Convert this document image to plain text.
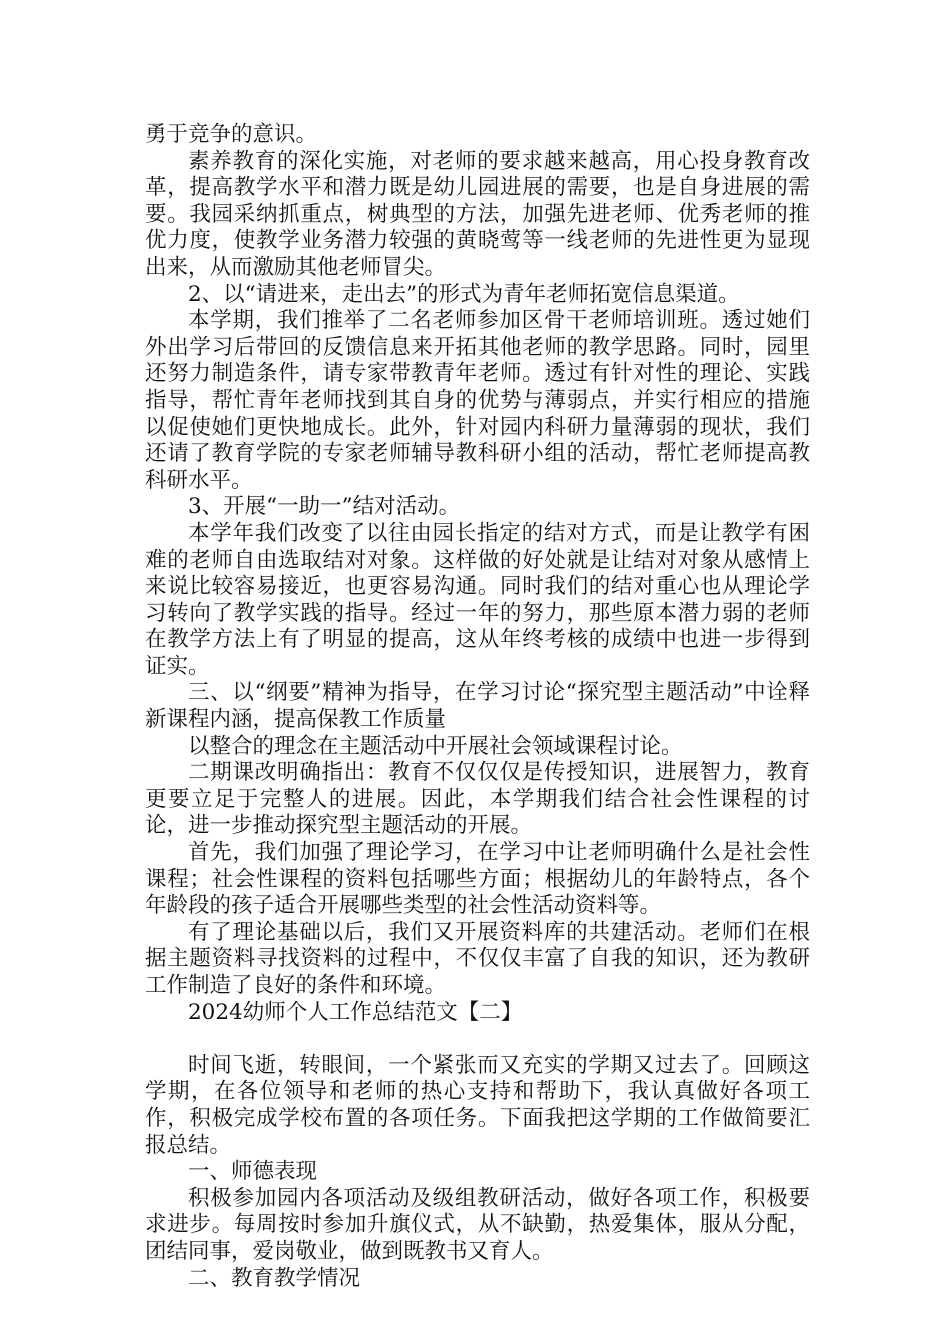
勇于竞争的意识。

素养教育的深化实施，对老师的要求越来越高，用心投身教育改革，提高教学水平和潜力既是幼儿园进展的需要，也是自身进展的需要。我园采纳抓重点，树典型的方法，加强先进老师、优秀老师的推优力度，使教学业务潜力较强的黄晓莺等一线老师的先进性更为显现出来，从而激励其他老师冒尖。

2、以“请进来，走出去”的形式为青年老师拓宽信息渠道。

本学期，我们推举了二名老师参加区骨干老师培训班。透过她们外出学习后带回的反馈信息来开拓其他老师的教学思路。同时，园里还努力制造条件，请专家带教青年老师。透过有针对性的理论、实践指导，帮忙青年老师找到其自身的优势与薄弱点，并实行相应的措施以促使她们更快地成长。此外，针对园内科研力量薄弱的现状，我们还请了教育学院的专家老师辅导教科研小组的活动，帮忙老师提高教科研水平。

3、开展“一助一”结对活动。

本学年我们改变了以往由园长指定的结对方式，而是让教学有困难的老师自由选取结对对象。这样做的好处就是让结对对象从感情上来说比较容易接近，也更容易沟通。同时我们的结对重心也从理论学习转向了教学实践的指导。经过一年的努力，那些原本潜力弱的老师在教学方法上有了明显的提高，这从年终考核的成绩中也进一步得到证实。

三、以“纲要”精神为指导，在学习讨论“探究型主题活动”中诠释新课程内涵，提高保教工作质量

以整合的理念在主题活动中开展社会领域课程讨论。

二期课改明确指出：教育不仅仅仅是传授知识，进展智力，教育更要立足于完整人的进展。因此，本学期我们结合社会性课程的讨论，进一步推动探究型主题活动的开展。

首先，我们加强了理论学习，在学习中让老师明确什么是社会性课程；社会性课程的资料包括哪些方面；根据幼儿的年龄特点，各个年龄段的孩子适合开展哪些类型的社会性活动资料等。

有了理论基础以后，我们又开展资料库的共建活动。老师们在根据主题资料寻找资料的过程中，不仅仅丰富了自我的知识，还为教研工作制造了良好的条件和环境。

2024幼师个人工作总结范文【二】

时间飞逝，转眼间，一个紧张而又充实的学期又过去了。回顾这学期，在各位领导和老师的热心支持和帮助下，我认真做好各项工作，积极完成学校布置的各项任务。下面我把这学期的工作做简要汇报总结。

一、师德表现

积极参加园内各项活动及级组教研活动，做好各项工作，积极要求进步。每周按时参加升旗仪式，从不缺勤，热爱集体，服从分配，团结同事，爱岗敬业，做到既教书又育人。

二、教育教学情况
